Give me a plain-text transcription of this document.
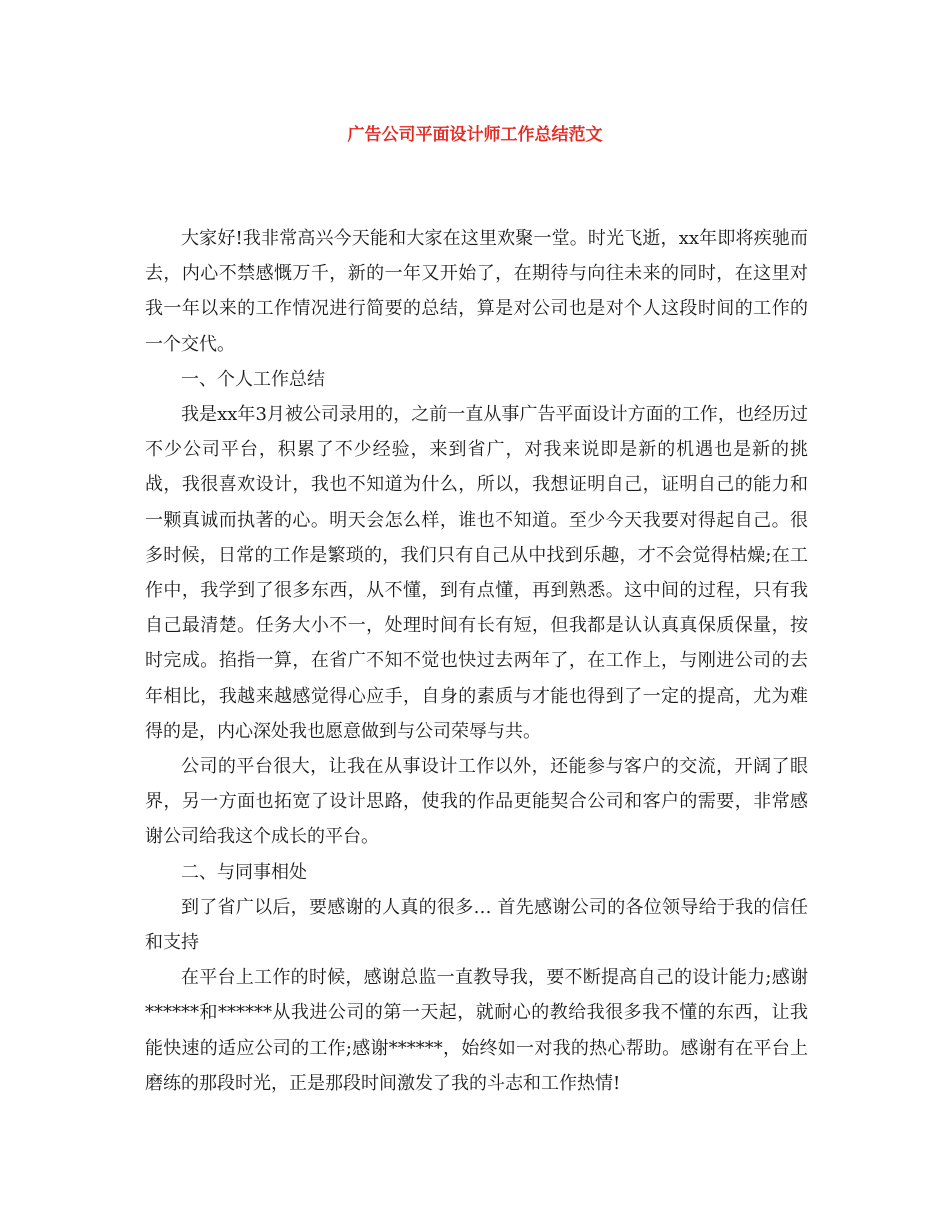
广告公司平面设计师工作总结范文

大家好!我非常高兴今天能和大家在这里欢聚一堂。时光飞逝，xx年即将疾驰而去，内心不禁感慨万千，新的一年又开始了，在期待与向往未来的同时，在这里对我一年以来的工作情况进行简要的总结，算是对公司也是对个人这段时间的工作的一个交代。

一、个人工作总结

我是xx年3月被公司录用的，之前一直从事广告平面设计方面的工作，也经历过不少公司平台，积累了不少经验，来到省广，对我来说即是新的机遇也是新的挑战，我很喜欢设计，我也不知道为什么，所以，我想证明自己，证明自己的能力和一颗真诚而执著的心。明天会怎么样，谁也不知道。至少今天我要对得起自己。很多时候，日常的工作是繁琐的，我们只有自己从中找到乐趣，才不会觉得枯燥;在工作中，我学到了很多东西，从不懂，到有点懂，再到熟悉。这中间的过程，只有我自己最清楚。任务大小不一，处理时间有长有短，但我都是认认真真保质保量，按时完成。掐指一算，在省广不知不觉也快过去两年了，在工作上，与刚进公司的去年相比，我越来越感觉得心应手，自身的素质与才能也得到了一定的提高，尤为难得的是，内心深处我也愿意做到与公司荣辱与共。

公司的平台很大，让我在从事设计工作以外，还能参与客户的交流，开阔了眼界，另一方面也拓宽了设计思路，使我的作品更能契合公司和客户的需要，非常感谢公司给我这个成长的平台。

二、与同事相处

到了省广以后，要感谢的人真的很多… 首先感谢公司的各位领导给于我的信任和支持

在平台上工作的时候，感谢总监一直教导我，要不断提高自己的设计能力;感谢******和******从我进公司的第一天起，就耐心的教给我很多我不懂的东西，让我能快速的适应公司的工作;感谢******，始终如一对我的热心帮助。感谢有在平台上磨练的那段时光，正是那段时间激发了我的斗志和工作热情!
